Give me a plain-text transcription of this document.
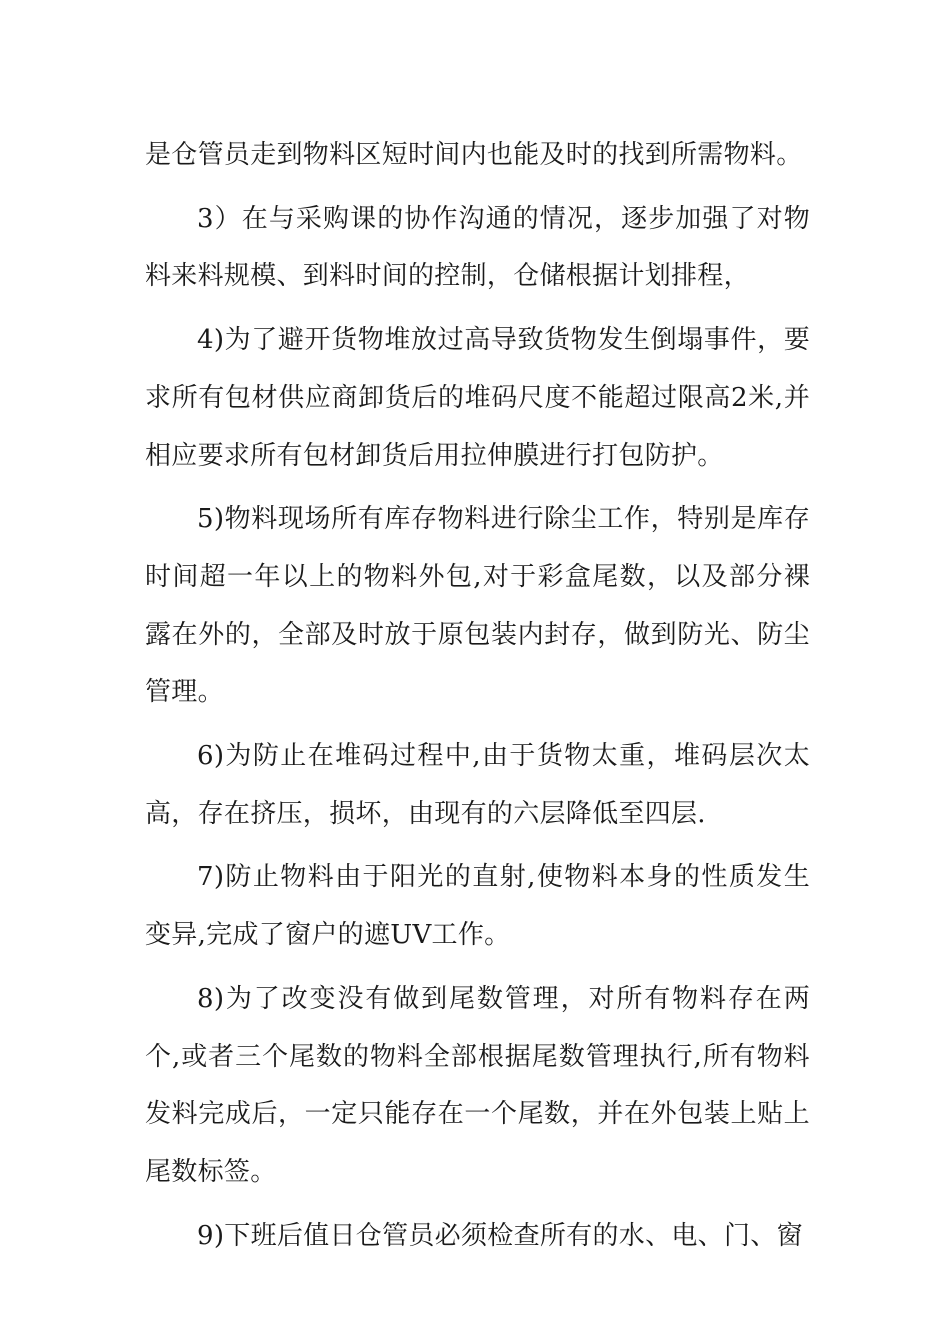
是仓管员走到物料区短时间内也能及时的找到所需物料。

3）在与采购课的协作沟通的情况，逐步加强了对物料来料规模、到料时间的控制，仓储根据计划排程，

4)为了避开货物堆放过高导致货物发生倒塌事件，要求所有包材供应商卸货后的堆码尺度不能超过限高2米,并相应要求所有包材卸货后用拉伸膜进行打包防护。

5)物料现场所有库存物料进行除尘工作，特别是库存时间超一年以上的物料外包,对于彩盒尾数，以及部分裸露在外的，全部及时放于原包装内封存，做到防光、防尘管理。

6)为防止在堆码过程中,由于货物太重，堆码层次太高，存在挤压，损坏，由现有的六层降低至四层.

7)防止物料由于阳光的直射,使物料本身的性质发生变异,完成了窗户的遮UV工作。

8)为了改变没有做到尾数管理，对所有物料存在两个,或者三个尾数的物料全部根据尾数管理执行,所有物料发料完成后，一定只能存在一个尾数，并在外包装上贴上尾数标签。

9)下班后值日仓管员必须检查所有的水、电、门、窗
